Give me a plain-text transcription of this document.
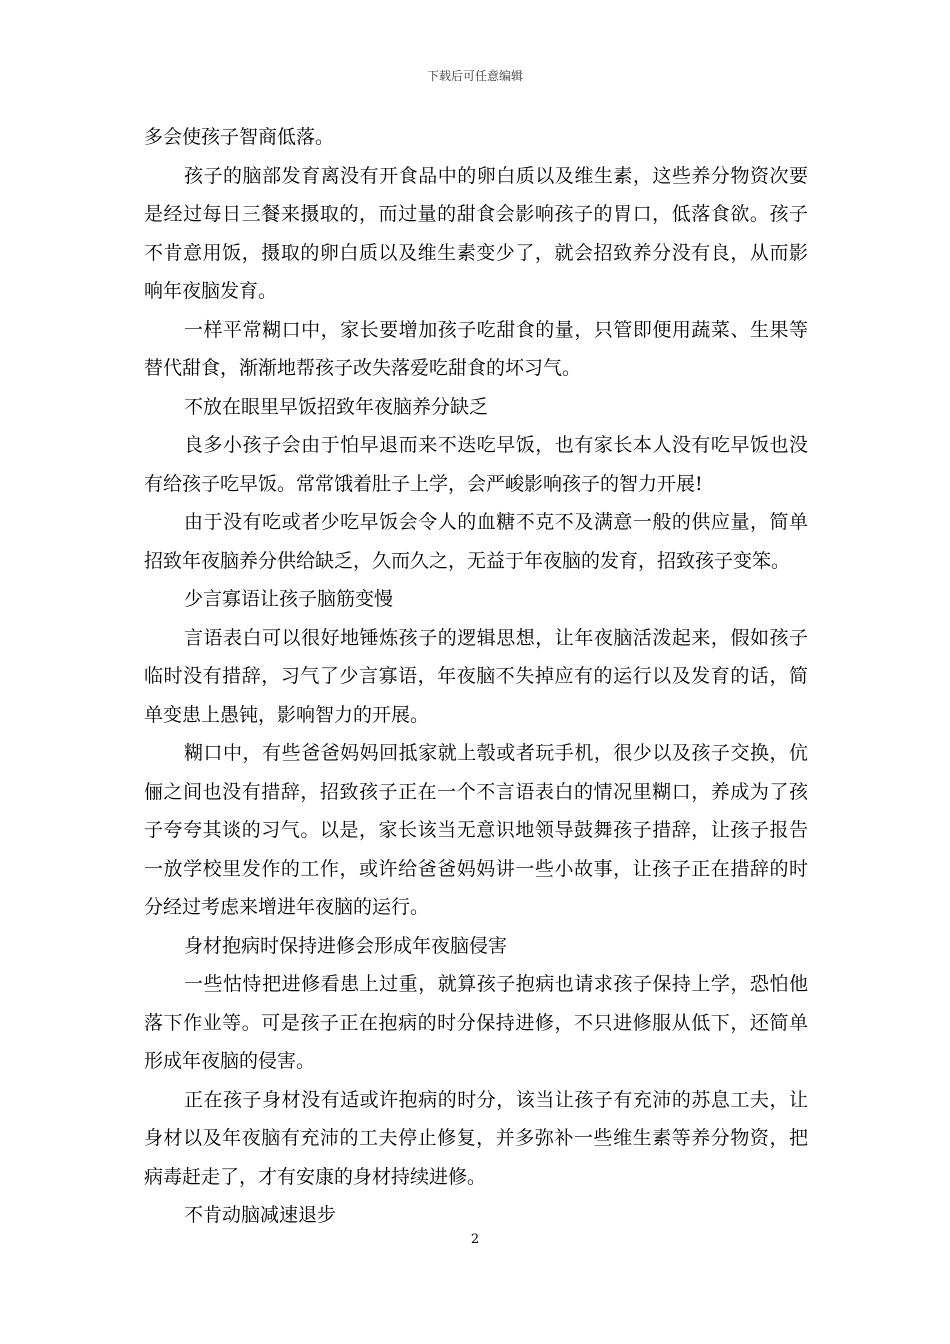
下载后可任意编辑

多会使孩子智商低落。

孩子的脑部发育离没有开食品中的卵白质以及维生素，这些养分物资次要是经过每日三餐来摄取的，而过量的甜食会影响孩子的胃口，低落食欲。孩子不肯意用饭，摄取的卵白质以及维生素变少了，就会招致养分没有良，从而影响年夜脑发育。

一样平常糊口中，家长要增加孩子吃甜食的量，只管即便用蔬菜、生果等替代甜食，渐渐地帮孩子改失落爱吃甜食的坏习气。

不放在眼里早饭招致年夜脑养分缺乏

良多小孩子会由于怕早退而来不迭吃早饭，也有家长本人没有吃早饭也没有给孩子吃早饭。常常饿着肚子上学，会严峻影响孩子的智力开展!

由于没有吃或者少吃早饭会令人的血糖不克不及满意一般的供应量，简单招致年夜脑养分供给缺乏，久而久之，无益于年夜脑的发育，招致孩子变笨。

少言寡语让孩子脑筋变慢

言语表白可以很好地锤炼孩子的逻辑思想，让年夜脑活泼起来，假如孩子临时没有措辞，习气了少言寡语，年夜脑不失掉应有的运行以及发育的话，简单变患上愚钝，影响智力的开展。

糊口中，有些爸爸妈妈回抵家就上彀或者玩手机，很少以及孩子交换，伉俪之间也没有措辞，招致孩子正在一个不言语表白的情况里糊口，养成为了孩子夸夸其谈的习气。以是，家长该当无意识地领导鼓舞孩子措辞，让孩子报告一放学校里发作的工作，或许给爸爸妈妈讲一些小故事，让孩子正在措辞的时分经过考虑来增进年夜脑的运行。

身材抱病时保持进修会形成年夜脑侵害

一些怙恃把进修看患上过重，就算孩子抱病也请求孩子保持上学，恐怕他落下作业等。可是孩子正在抱病的时分保持进修，不只进修服从低下，还简单形成年夜脑的侵害。

正在孩子身材没有适或许抱病的时分，该当让孩子有充沛的苏息工夫，让身材以及年夜脑有充沛的工夫停止修复，并多弥补一些维生素等养分物资，把病毒赶走了，才有安康的身材持续进修。

不肯动脑减速退步

2
